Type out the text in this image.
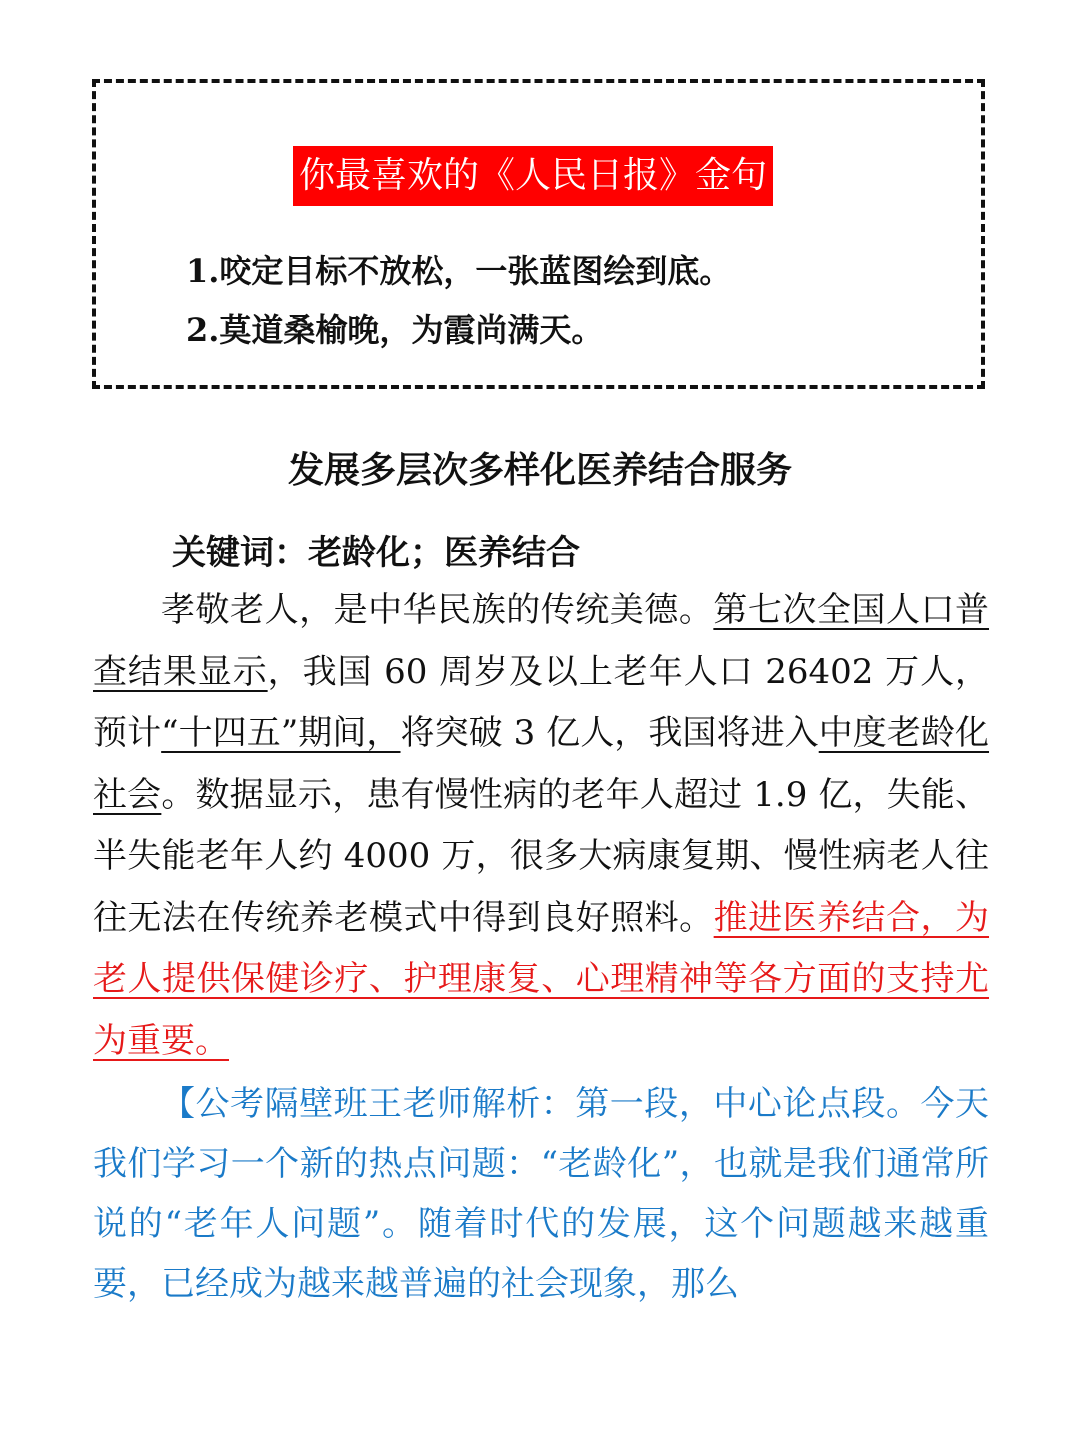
你最喜欢的《人民日报》金句
1.咬定目标不放松，一张蓝图绘到底。
2.莫道桑榆晚，为霞尚满天。
发展多层次多样化医养结合服务
关键词：老龄化；医养结合

孝敬老人，是中华民族的传统美德。第七次全国人口普查结果显示，我国 60 周岁及以上老年人口 26402 万人，预计“十四五”期间，将突破 3 亿人，我国将进入中度老龄化社会。数据显示，患有慢性病的老年人超过 1.9 亿，失能、半失能老年人约 4000 万，很多大病康复期、慢性病老人往往无法在传统养老模式中得到良好照料。推进医养结合，为老人提供保健诊疗、护理康复、心理精神等各方面的支持尤为重要。

【公考隔壁班王老师解析：第一段，中心论点段。今天我们学习一个新的热点问题：“老龄化”，也就是我们通常所说的“老年人问题”。随着时代的发展，这个问题越来越重要，已经成为越来越普遍的社会现象，那么
